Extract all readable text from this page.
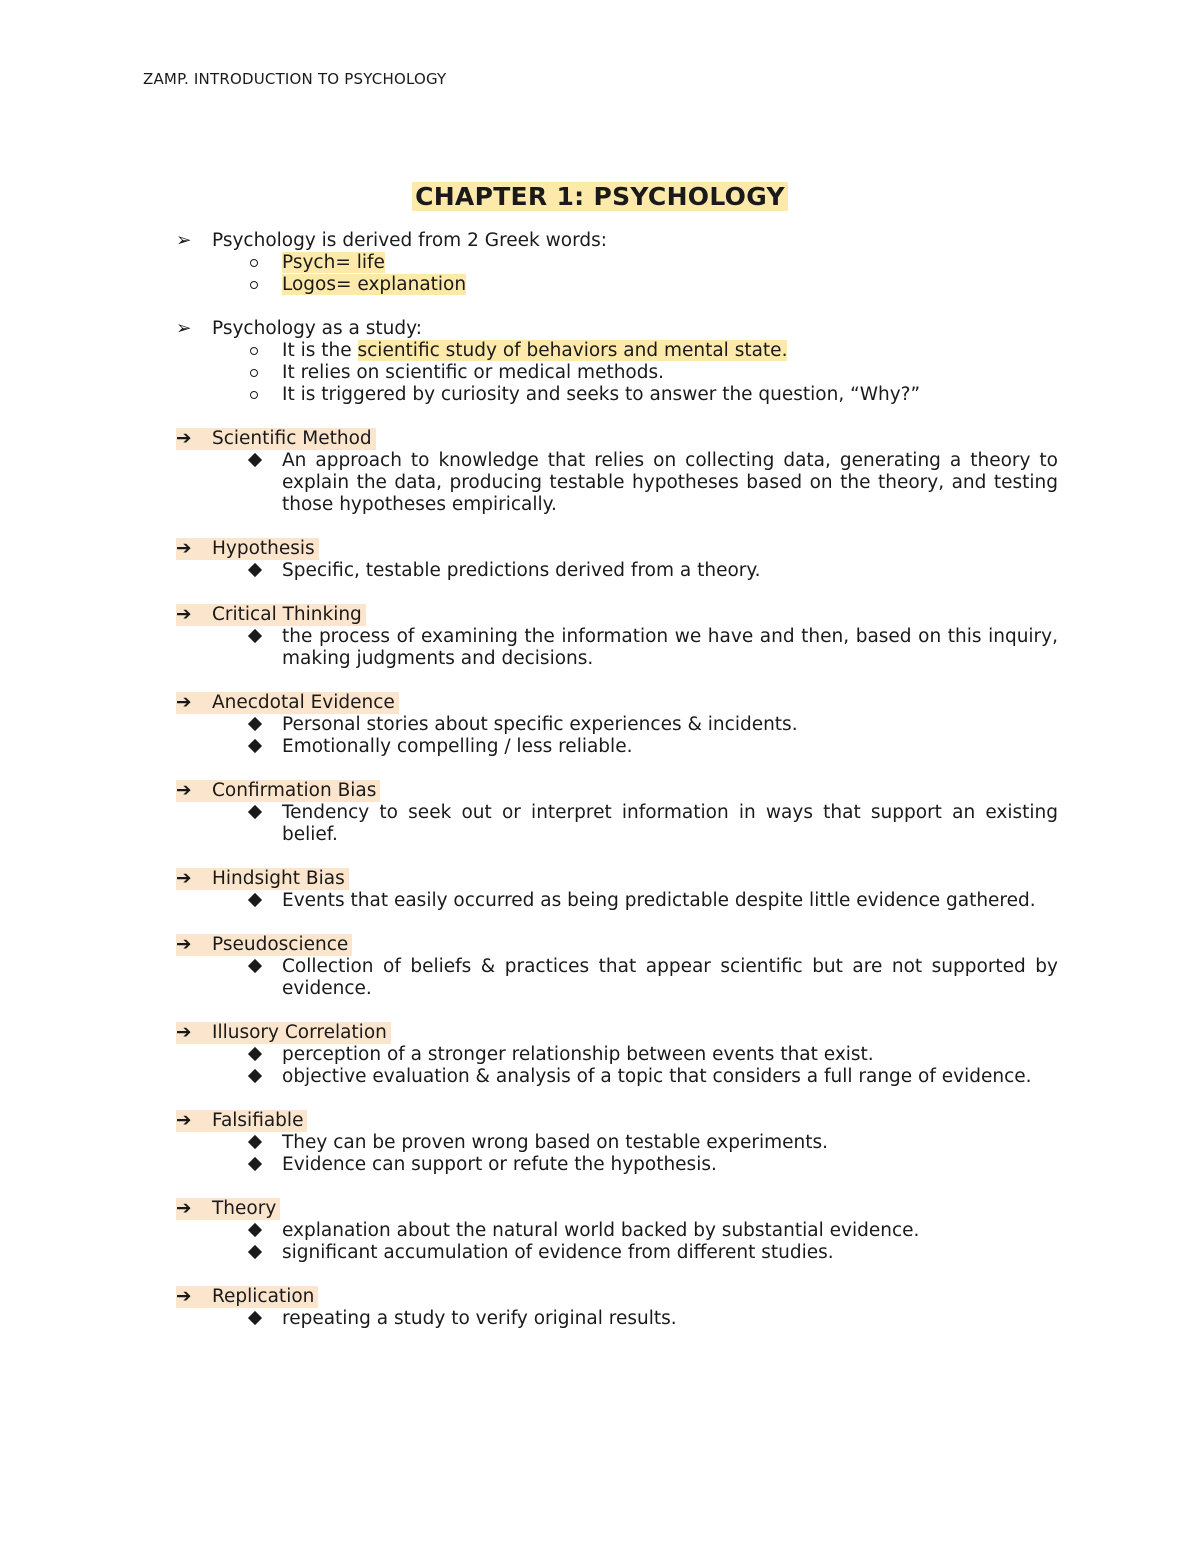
ZAMP. INTRODUCTION TO PSYCHOLOGY
CHAPTER 1: PSYCHOLOGY
➢	Psychology is derived from 2 Greek words:
Psych= life
Logos= explanation
➢	Psychology as a study:
It is the scientific study of behaviors and mental state.
It relies on scientific or medical methods.
It is triggered by curiosity and seeks to answer the question, “Why?”
➔	Scientific Method
An approach to knowledge that relies on collecting data, generating a theory to explain the data, producing testable hypotheses based on the theory, and testing those hypotheses empirically.
➔	Hypothesis
Specific, testable predictions derived from a theory.
➔	Critical Thinking
the process of examining the information we have and then, based on this inquiry, making judgments and decisions.
➔	Anecdotal Evidence
Personal stories about specific experiences & incidents.
Emotionally compelling / less reliable.
➔	Confirmation Bias
Tendency to seek out or interpret information in ways that support an existing belief.
➔	Hindsight Bias
Events that easily occurred as being predictable despite little evidence gathered.
➔	Pseudoscience
Collection of beliefs & practices that appear scientific but are not supported by evidence.
➔	Illusory Correlation
perception of a stronger relationship between events that exist.
objective evaluation & analysis of a topic that considers a full range of evidence.
➔	Falsifiable
They can be proven wrong based on testable experiments.
Evidence can support or refute the hypothesis.
➔	Theory
explanation about the natural world backed by substantial evidence.
significant accumulation of evidence from different studies.
➔	Replication
repeating a study to verify original results.
